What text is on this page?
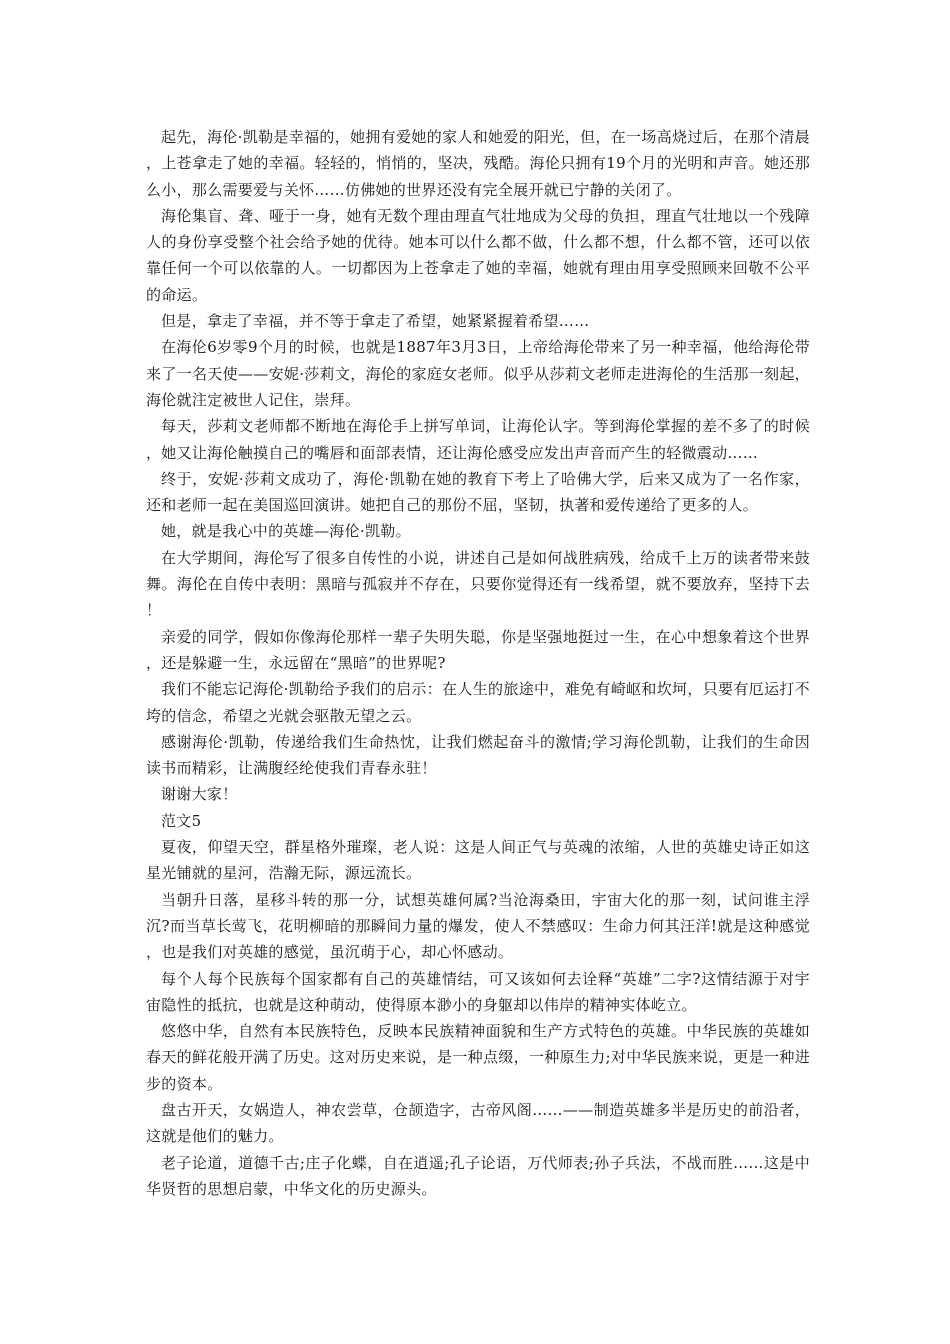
起先，海伦·凯勒是幸福的，她拥有爱她的家人和她爱的阳光，但，在一场高烧过后，在那个清晨，上苍拿走了她的幸福。轻轻的，悄悄的，坚决，残酷。海伦只拥有19个月的光明和声音。她还那么小，那么需要爱与关怀……仿佛她的世界还没有完全展开就已宁静的关闭了。

海伦集盲、聋、哑于一身，她有无数个理由理直气壮地成为父母的负担，理直气壮地以一个残障人的身份享受整个社会给予她的优待。她本可以什么都不做，什么都不想，什么都不管，还可以依靠任何一个可以依靠的人。一切都因为上苍拿走了她的幸福，她就有理由用享受照顾来回敬不公平的命运。

但是，拿走了幸福，并不等于拿走了希望，她紧紧握着希望……

在海伦6岁零9个月的时候，也就是1887年3月3日，上帝给海伦带来了另一种幸福，他给海伦带来了一名天使——安妮·莎莉文，海伦的家庭女老师。似乎从莎莉文老师走进海伦的生活那一刻起，海伦就注定被世人记住，崇拜。

每天，莎莉文老师都不断地在海伦手上拼写单词，让海伦认字。等到海伦掌握的差不多了的时候，她又让海伦触摸自己的嘴唇和面部表情，还让海伦感受应发出声音而产生的轻微震动……

终于，安妮·莎莉文成功了，海伦·凯勒在她的教育下考上了哈佛大学，后来又成为了一名作家，还和老师一起在美国巡回演讲。她把自己的那份不屈，坚韧，执著和爱传递给了更多的人。

她，就是我心中的英雄—海伦·凯勒。

在大学期间，海伦写了很多自传性的小说，讲述自己是如何战胜病残，给成千上万的读者带来鼓舞。海伦在自传中表明：黑暗与孤寂并不存在，只要你觉得还有一线希望，就不要放弃，坚持下去！

亲爱的同学，假如你像海伦那样一辈子失明失聪，你是坚强地挺过一生，在心中想象着这个世界，还是躲避一生，永远留在“黑暗”的世界呢?

我们不能忘记海伦·凯勒给予我们的启示：在人生的旅途中，难免有崎岖和坎坷，只要有厄运打不垮的信念，希望之光就会驱散无望之云。

感谢海伦·凯勒，传递给我们生命热忱，让我们燃起奋斗的激情;学习海伦凯勒，让我们的生命因读书而精彩，让满腹经纶使我们青春永驻！

谢谢大家！

范文5

夏夜，仰望天空，群星格外璀璨，老人说：这是人间正气与英魂的浓缩，人世的英雄史诗正如这星光铺就的星河，浩瀚无际，源远流长。

当朝升日落，星移斗转的那一分，试想英雄何属?当沧海桑田，宇宙大化的那一刻，试问谁主浮沉?而当草长莺飞，花明柳暗的那瞬间力量的爆发，使人不禁感叹：生命力何其汪洋!就是这种感觉，也是我们对英雄的感觉，虽沉萌于心，却心怀感动。

每个人每个民族每个国家都有自己的英雄情结，可又该如何去诠释“英雄”二字?这情结源于对宇宙隐性的抵抗，也就是这种萌动，使得原本渺小的身躯却以伟岸的精神实体屹立。

悠悠中华，自然有本民族特色，反映本民族精神面貌和生产方式特色的英雄。中华民族的英雄如春天的鲜花般开满了历史。这对历史来说，是一种点缀，一种原生力;对中华民族来说，更是一种进步的资本。

盘古开天，女娲造人，神农尝草，仓颉造字，古帝风阁……——制造英雄多半是历史的前沿者，这就是他们的魅力。

老子论道，道德千古;庄子化蝶，自在逍遥;孔子论语，万代师表;孙子兵法，不战而胜……这是中华贤哲的思想启蒙，中华文化的历史源头。
